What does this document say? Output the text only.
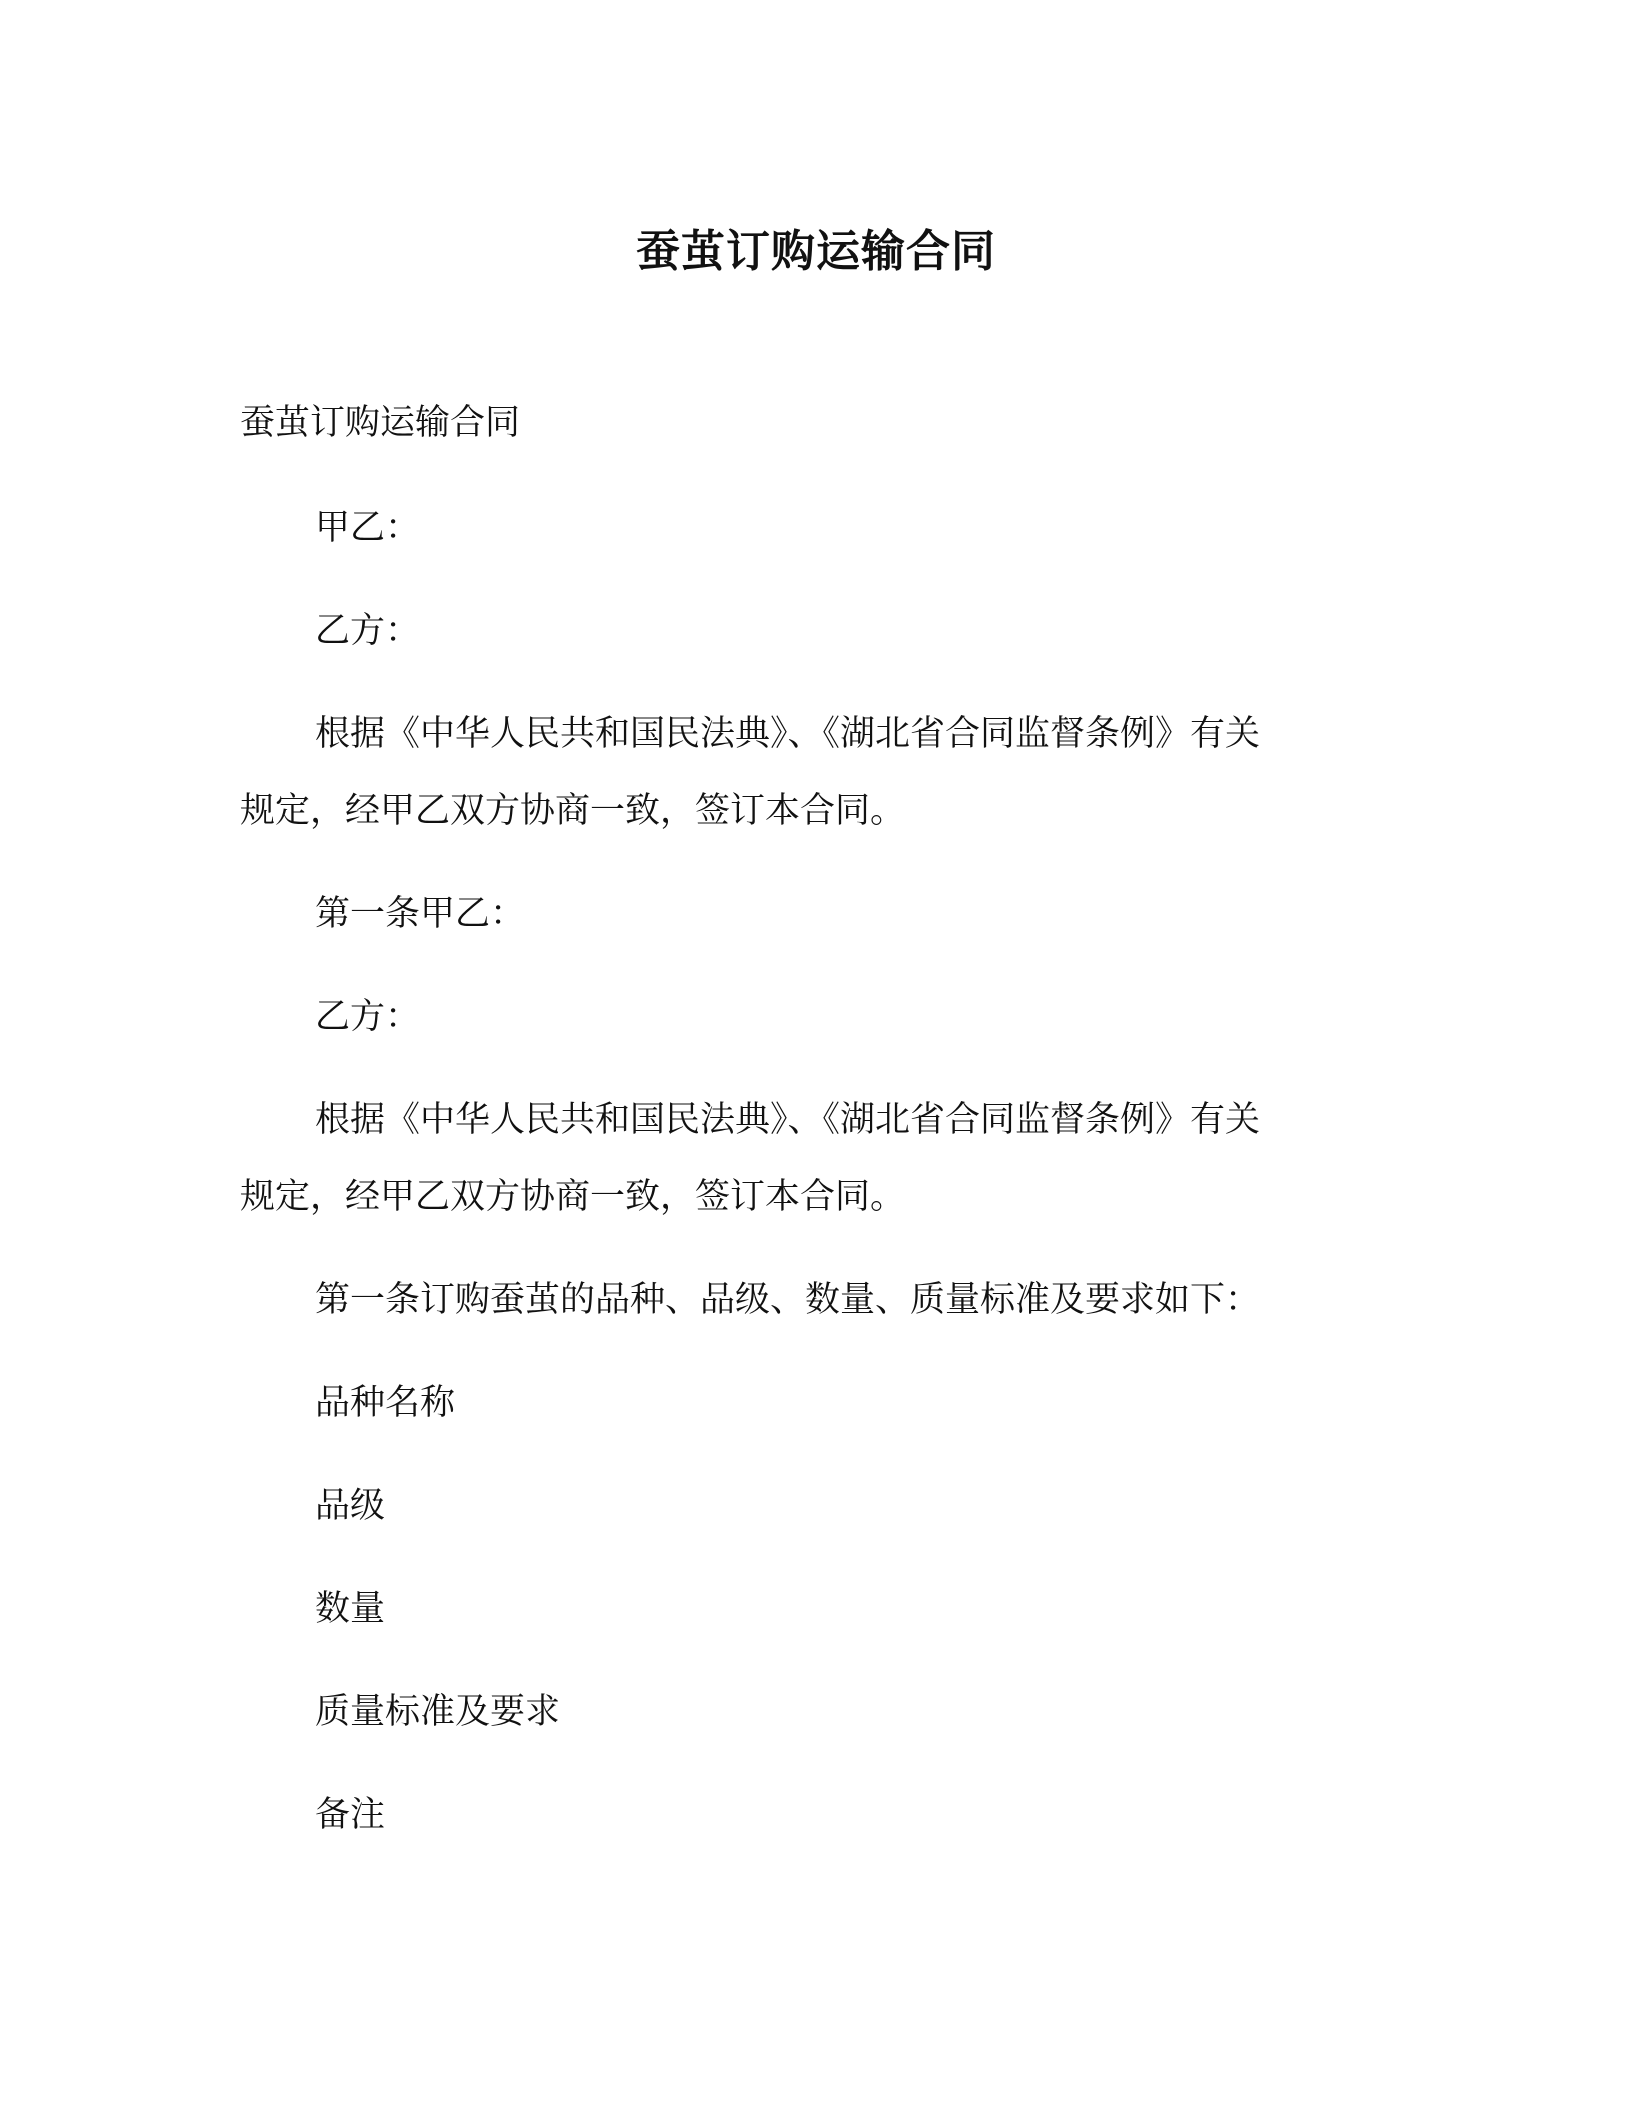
蚕茧订购运输合同
蚕茧订购运输合同
甲乙：
乙方：
根据《中华人民共和国民法典》、《湖北省合同监督条例》有关
规定，经甲乙双方协商一致，签订本合同。
第一条甲乙：
乙方：
根据《中华人民共和国民法典》、《湖北省合同监督条例》有关
规定，经甲乙双方协商一致，签订本合同。
第一条订购蚕茧的品种、品级、数量、质量标准及要求如下：
品种名称
品级
数量
质量标准及要求
备注
